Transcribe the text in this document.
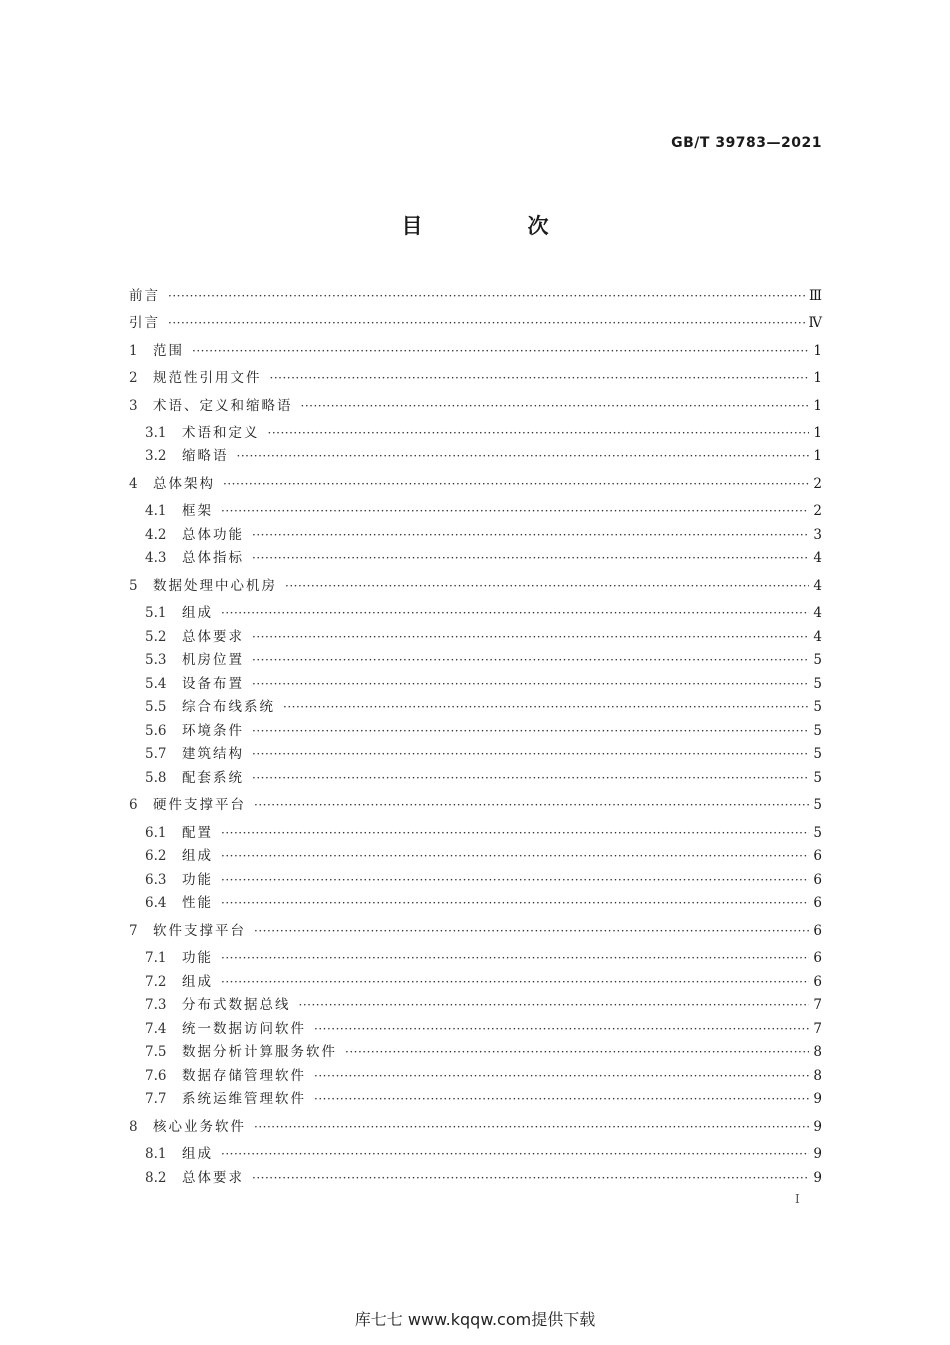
GB/T 39783—2021
目　次
前言 ·····	Ⅲ
引言 ·····	Ⅳ
1	范围 ·····	1
2	规范性引用文件 ·····	1
3	术语、定义和缩略语 ·····	1
3.1	术语和定义 ·····	1
3.2	缩略语 ·····	1
4	总体架构 ·····	2
4.1	框架 ·····	2
4.2	总体功能 ·····	3
4.3	总体指标 ·····	4
5	数据处理中心机房 ·····	4
5.1	组成 ·····	4
5.2	总体要求 ·····	4
5.3	机房位置 ·····	5
5.4	设备布置 ·····	5
5.5	综合布线系统 ·····	5
5.6	环境条件 ·····	5
5.7	建筑结构 ·····	5
5.8	配套系统 ·····	5
6	硬件支撑平台 ·····	5
6.1	配置 ·····	5
6.2	组成 ·····	6
6.3	功能 ·····	6
6.4	性能 ·····	6
7	软件支撑平台 ·····	6
7.1	功能 ·····	6
7.2	组成 ·····	6
7.3	分布式数据总线 ·····	7
7.4	统一数据访问软件 ·····	7
7.5	数据分析计算服务软件 ·····	8
7.6	数据存储管理软件 ·····	8
7.7	系统运维管理软件 ·····	9
8	核心业务软件 ·····	9
8.1	组成 ·····	9
8.2	总体要求 ·····	9
I
库七七 www.kqqw.com提供下载
